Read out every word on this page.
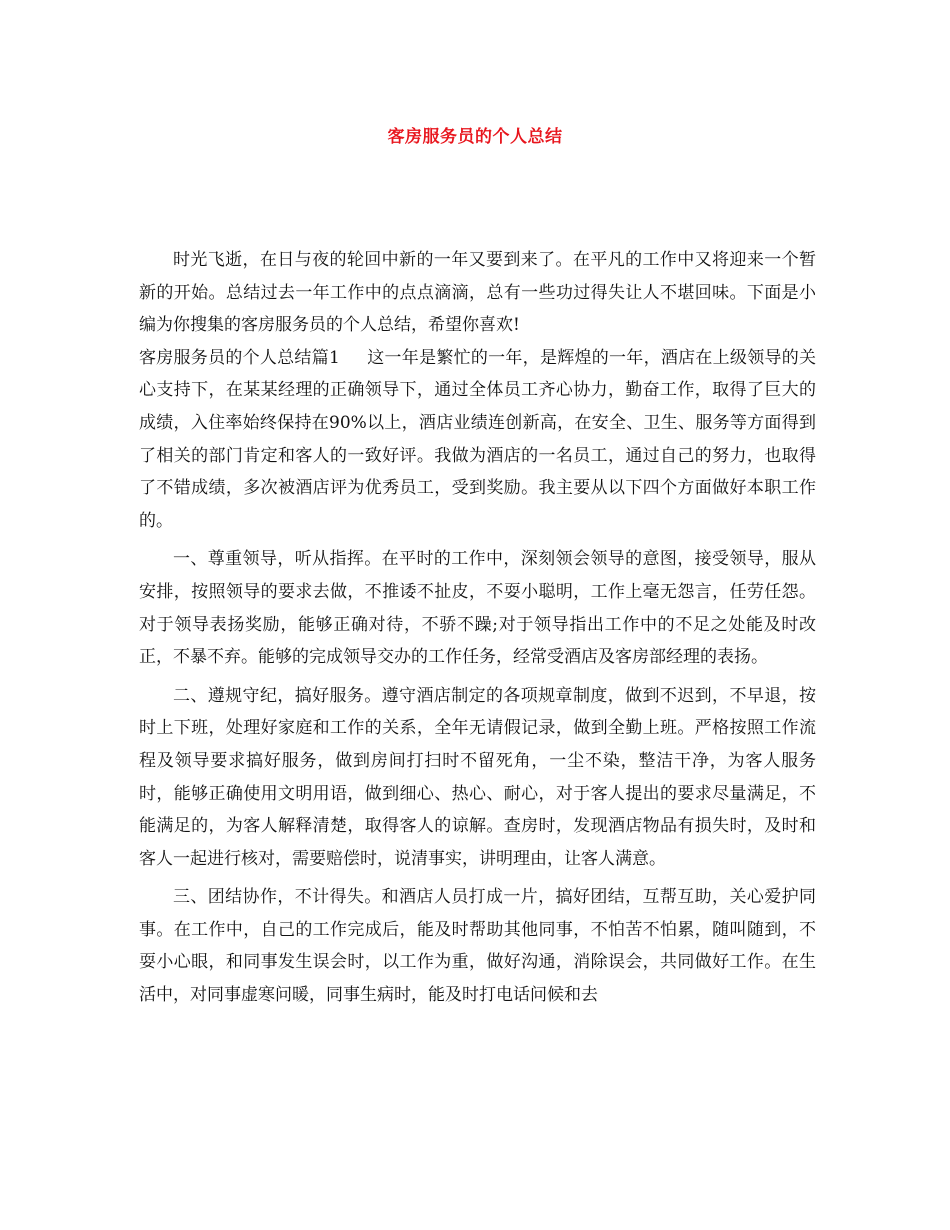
客房服务员的个人总结

时光飞逝，在日与夜的轮回中新的一年又要到来了。在平凡的工作中又将迎来一个暂新的开始。总结过去一年工作中的点点滴滴，总有一些功过得失让人不堪回味。下面是小编为你搜集的客房服务员的个人总结，希望你喜欢!

客房服务员的个人总结篇1 这一年是繁忙的一年，是辉煌的一年，酒店在上级领导的关心支持下，在某某经理的正确领导下，通过全体员工齐心协力，勤奋工作，取得了巨大的成绩，入住率始终保持在90%以上，酒店业绩连创新高，在安全、卫生、服务等方面得到了相关的部门肯定和客人的一致好评。我做为酒店的一名员工，通过自己的努力，也取得了不错成绩，多次被酒店评为优秀员工，受到奖励。我主要从以下四个方面做好本职工作的。

一、尊重领导，听从指挥。在平时的工作中，深刻领会领导的意图，接受领导，服从安排，按照领导的要求去做，不推诿不扯皮，不耍小聪明，工作上毫无怨言，任劳任怨。对于领导表扬奖励，能够正确对待，不骄不躁;对于领导指出工作中的不足之处能及时改正，不暴不弃。能够的完成领导交办的工作任务，经常受酒店及客房部经理的表扬。

二、遵规守纪，搞好服务。遵守酒店制定的各项规章制度，做到不迟到，不早退，按时上下班，处理好家庭和工作的关系，全年无请假记录，做到全勤上班。严格按照工作流程及领导要求搞好服务，做到房间打扫时不留死角，一尘不染，整洁干净，为客人服务时，能够正确使用文明用语，做到细心、热心、耐心，对于客人提出的要求尽量满足，不能满足的，为客人解释清楚，取得客人的谅解。查房时，发现酒店物品有损失时，及时和客人一起进行核对，需要赔偿时，说清事实，讲明理由，让客人满意。

三、团结协作，不计得失。和酒店人员打成一片，搞好团结，互帮互助，关心爱护同事。在工作中，自己的工作完成后，能及时帮助其他同事，不怕苦不怕累，随叫随到，不耍小心眼，和同事发生误会时，以工作为重，做好沟通，消除误会，共同做好工作。在生活中，对同事虚寒问暖，同事生病时，能及时打电话问候和去
